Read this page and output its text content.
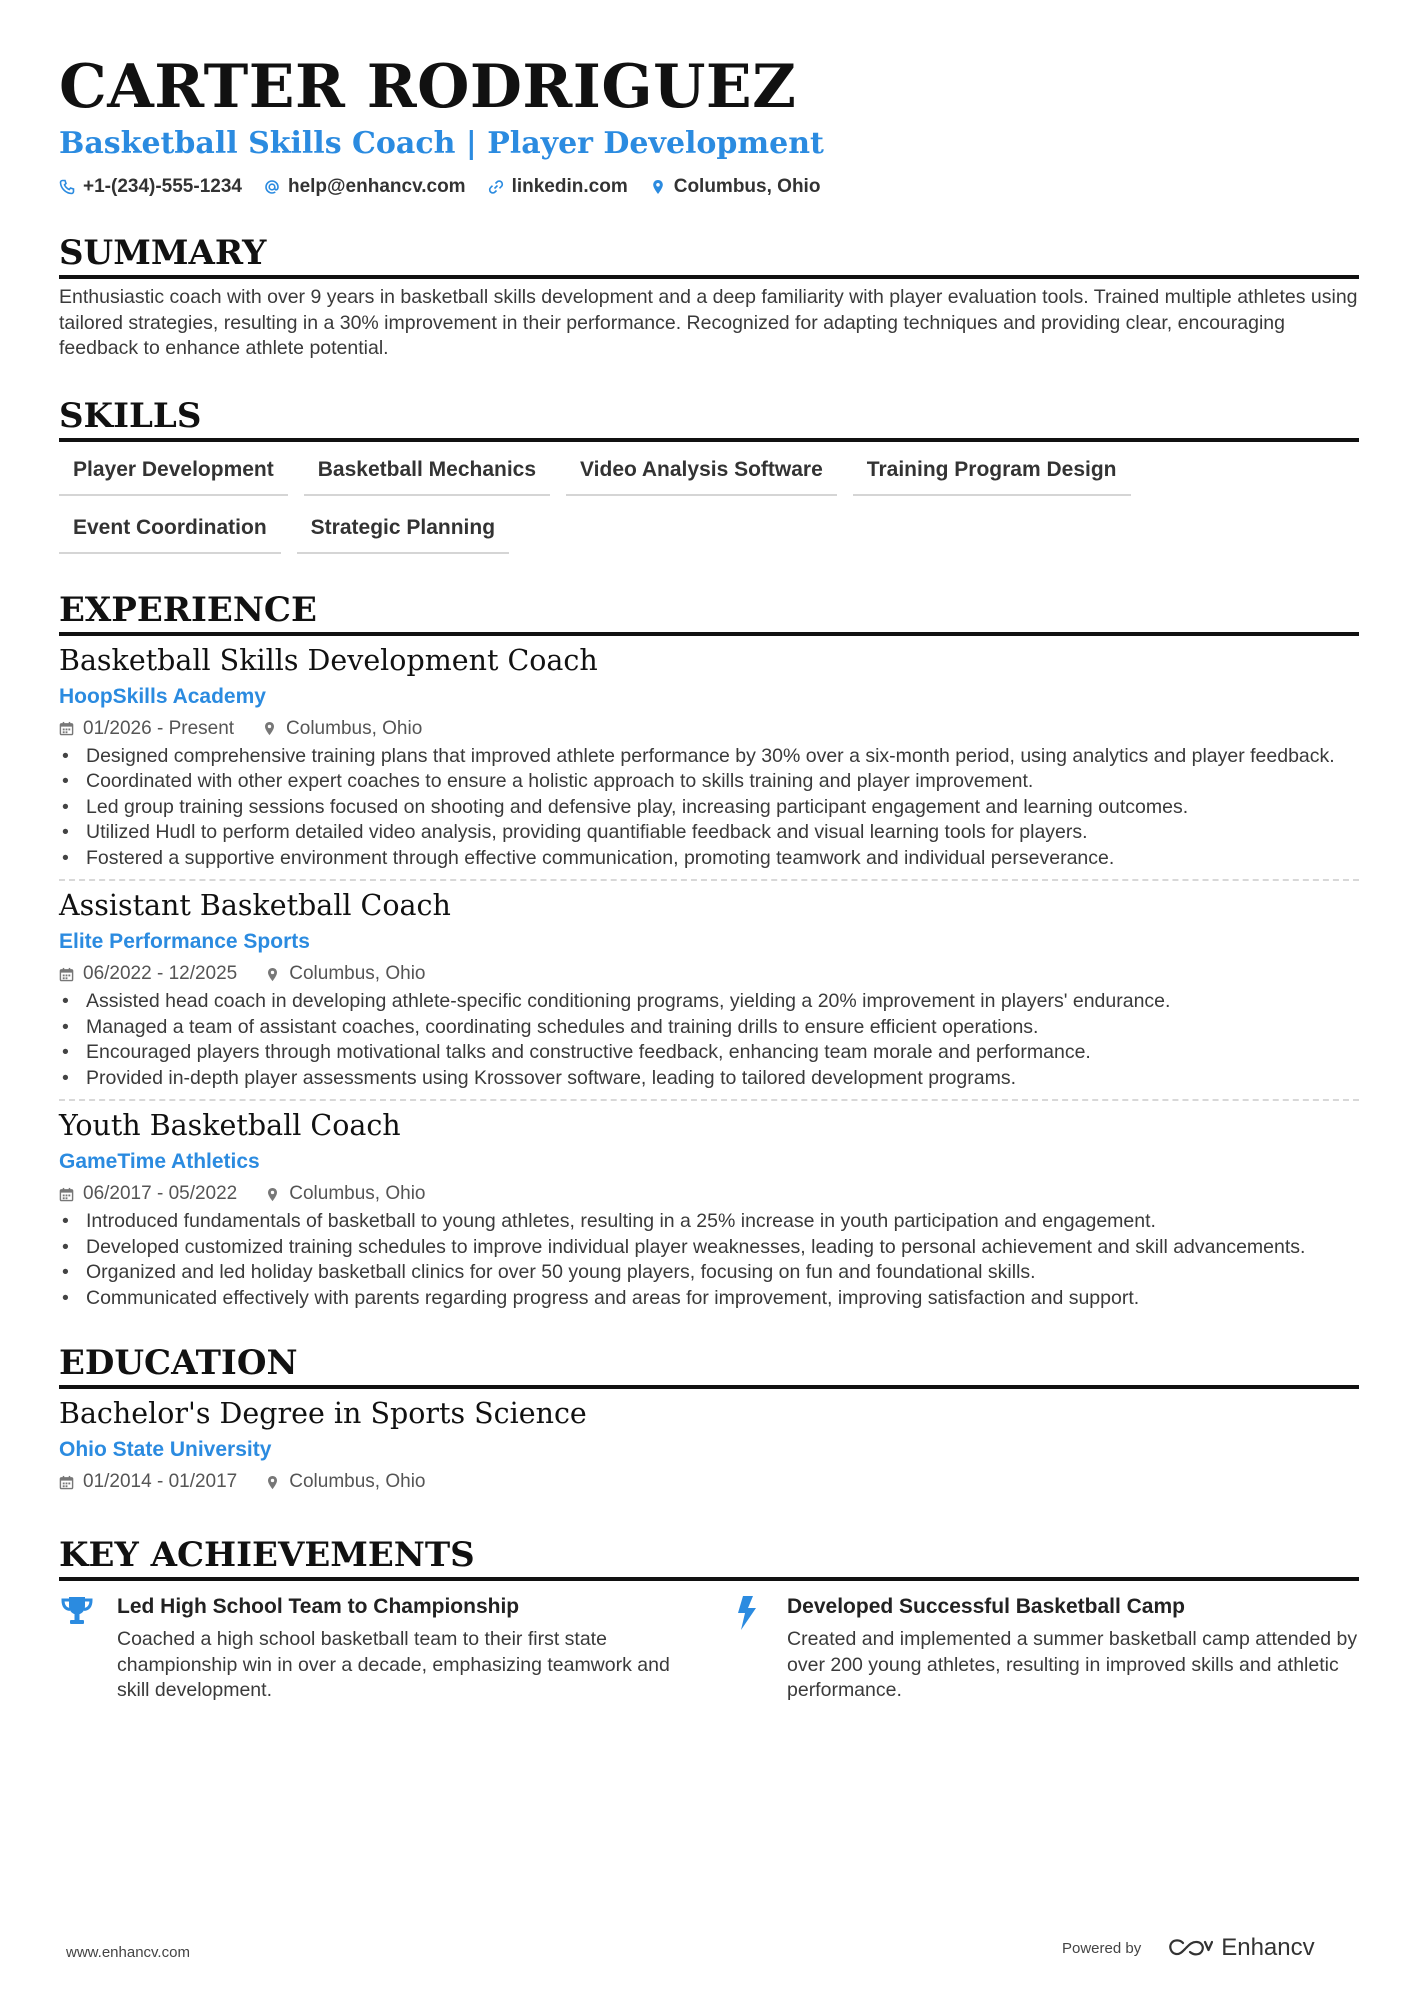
CARTER RODRIGUEZ
Basketball Skills Coach | Player Development
+1-(234)-555-1234 help@enhancv.com linkedin.com Columbus, Ohio
SUMMARY
Enthusiastic coach with over 9 years in basketball skills development and a deep familiarity with player evaluation tools. Trained multiple athletes using tailored strategies, resulting in a 30% improvement in their performance. Recognized for adapting techniques and providing clear, encouraging feedback to enhance athlete potential.
SKILLS
Player Development	Basketball Mechanics	Video Analysis Software	Training Program Design
Event Coordination	Strategic Planning
EXPERIENCE
Basketball Skills Development Coach
HoopSkills Academy
01/2026 - Present	Columbus, Ohio
• Designed comprehensive training plans that improved athlete performance by 30% over a six-month period, using analytics and player feedback.
• Coordinated with other expert coaches to ensure a holistic approach to skills training and player improvement.
• Led group training sessions focused on shooting and defensive play, increasing participant engagement and learning outcomes.
• Utilized Hudl to perform detailed video analysis, providing quantifiable feedback and visual learning tools for players.
• Fostered a supportive environment through effective communication, promoting teamwork and individual perseverance.
Assistant Basketball Coach
Elite Performance Sports
06/2022 - 12/2025	Columbus, Ohio
• Assisted head coach in developing athlete-specific conditioning programs, yielding a 20% improvement in players' endurance.
• Managed a team of assistant coaches, coordinating schedules and training drills to ensure efficient operations.
• Encouraged players through motivational talks and constructive feedback, enhancing team morale and performance.
• Provided in-depth player assessments using Krossover software, leading to tailored development programs.
Youth Basketball Coach
GameTime Athletics
06/2017 - 05/2022	Columbus, Ohio
• Introduced fundamentals of basketball to young athletes, resulting in a 25% increase in youth participation and engagement.
• Developed customized training schedules to improve individual player weaknesses, leading to personal achievement and skill advancements.
• Organized and led holiday basketball clinics for over 50 young players, focusing on fun and foundational skills.
• Communicated effectively with parents regarding progress and areas for improvement, improving satisfaction and support.
EDUCATION
Bachelor's Degree in Sports Science
Ohio State University
01/2014 - 01/2017	Columbus, Ohio
KEY ACHIEVEMENTS
Led High School Team to Championship
Coached a high school basketball team to their first state championship win in over a decade, emphasizing teamwork and skill development.
Developed Successful Basketball Camp
Created and implemented a summer basketball camp attended by over 200 young athletes, resulting in improved skills and athletic performance.
www.enhancv.com	Powered by	Enhancv
